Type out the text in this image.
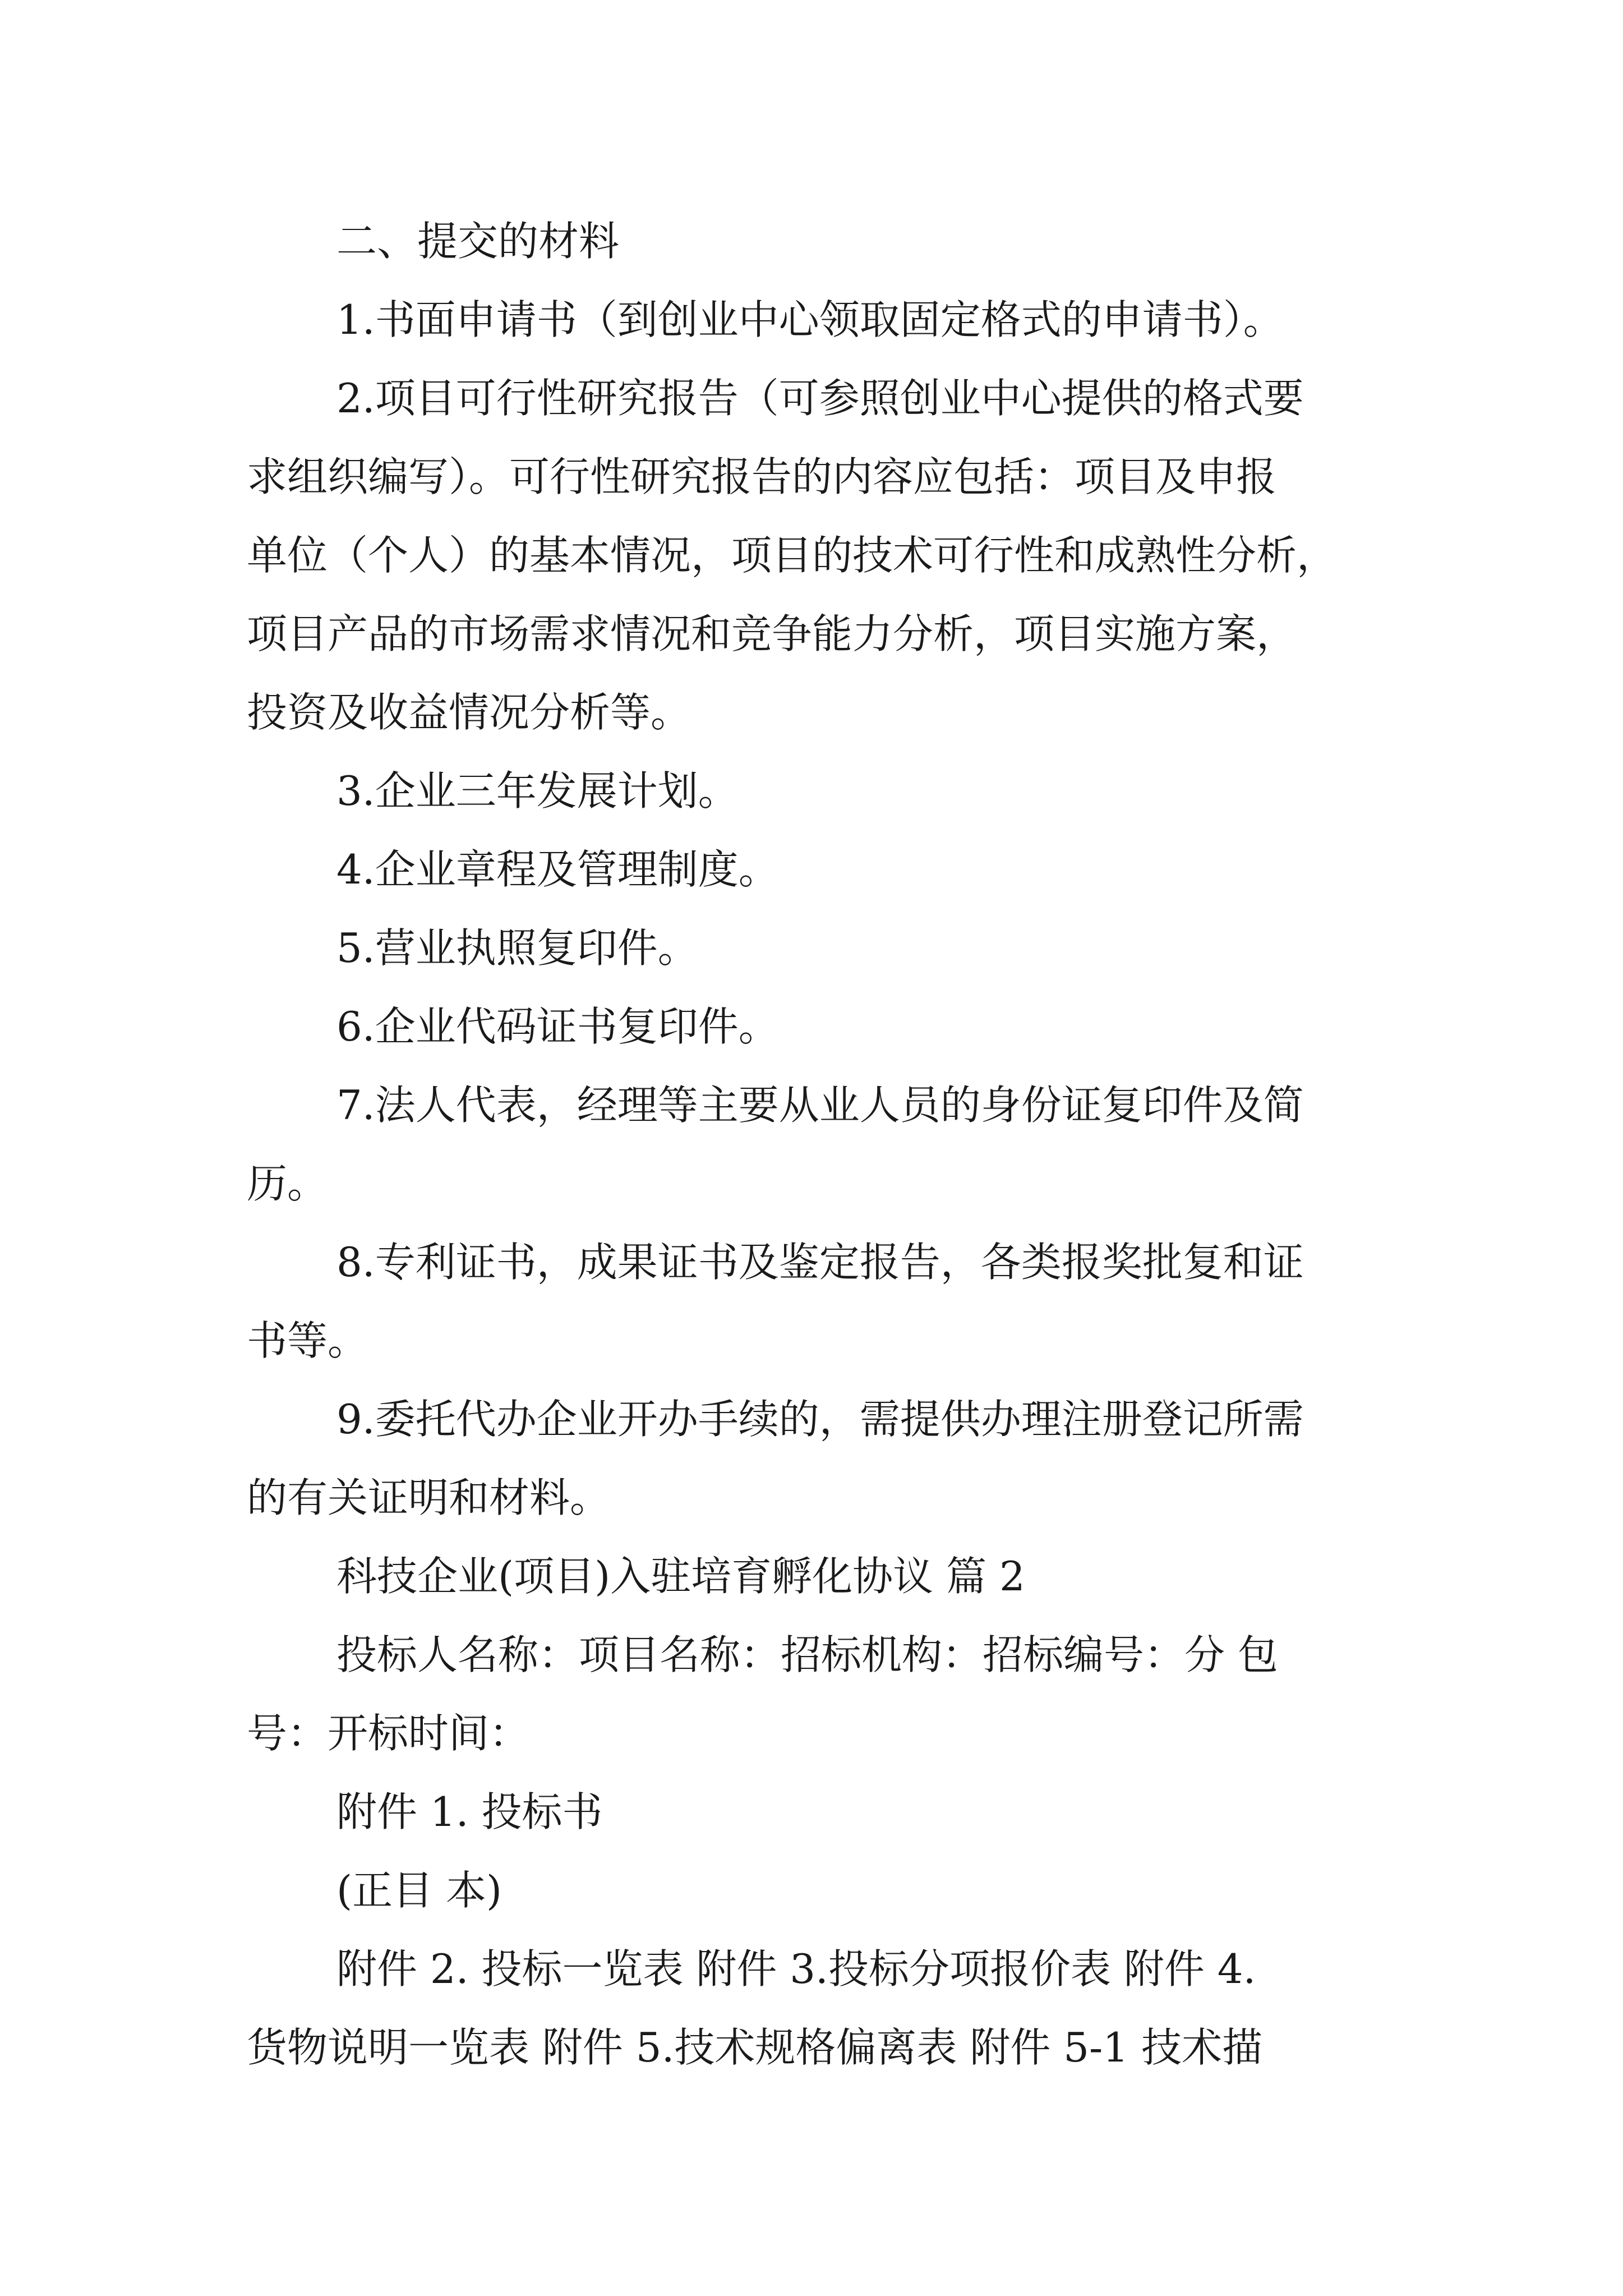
二、提交的材料

1.书面申请书（到创业中心领取固定格式的申请书）。

2.项目可行性研究报告（可参照创业中心提供的格式要

求组织编写）。可行性研究报告的内容应包括：项目及申报

单位（个人）的基本情况，项目的技术可行性和成熟性分析，

项目产品的市场需求情况和竞争能力分析，项目实施方案，

投资及收益情况分析等。

3.企业三年发展计划。

4.企业章程及管理制度。

5.营业执照复印件。

6.企业代码证书复印件。

7.法人代表，经理等主要从业人员的身份证复印件及简

历。

8.专利证书，成果证书及鉴定报告，各类报奖批复和证

书等。

9.委托代办企业开办手续的，需提供办理注册登记所需

的有关证明和材料。

科技企业(项目)入驻培育孵化协议 篇 2

投标人名称：项目名称：招标机构：招标编号：分 包

号：开标时间：

附件 1. 投标书

(正目 本)

附件 2. 投标一览表 附件 3.投标分项报价表 附件 4.

货物说明一览表 附件 5.技术规格偏离表 附件 5-1 技术描
